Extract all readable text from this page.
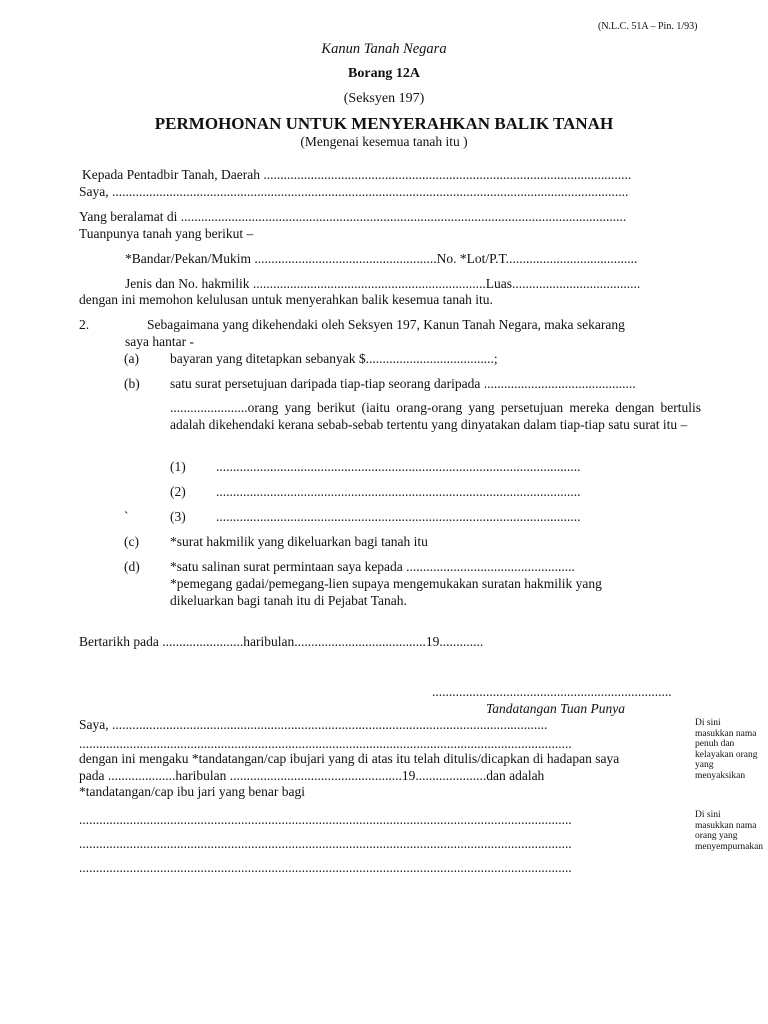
(N.L.C. 51A – Pin. 1/93)
Kanun Tanah Negara
Borang 12A
(Seksyen 197)
PERMOHONAN UNTUK MENYERAHKAN BALIK TANAH
(Mengenai kesemua tanah itu )
Kepada Pentadbir Tanah, Daerah .............................................................................................................
Saya, .........................................................................................................................................................
Yang beralamat di ....................................................................................................................................
Tuanpunya tanah yang berikut –
*Bandar/Pekan/Mukim ......................................................No. *Lot/P.T.......................................
Jenis dan No. hakmilik .....................................................................Luas......................................
dengan ini memohon kelulusan untuk menyerahkan balik kesemua tanah itu.
2.	Sebagaimana yang dikehendaki oleh Seksyen 197, Kanun Tanah Negara, maka sekarang
saya hantar -
(a) bayaran yang ditetapkan sebanyak $......................................;
(b) satu surat persetujuan daripada tiap-tiap seorang daripada .............................................
.......................orang yang berikut (iaitu orang-orang yang persetujuan mereka dengan bertulis adalah dikehendaki kerana sebab-sebab tertentu yang dinyatakan dalam tiap-tiap satu surat itu –
(1) ............................................................................................................
(2) ............................................................................................................
`	(3) ............................................................................................................
(c) *surat hakmilik yang dikeluarkan bagi tanah itu
(d) *satu salinan surat permintaan saya kepada ..................................................
*pemegang gadai/pemegang-lien supaya mengemukakan suratan hakmilik yang
dikeluarkan bagi tanah itu di Pejabat Tanah.
Bertarikh pada ........................haribulan.......................................19.............
.......................................................................
Tandatangan Tuan Punya
Saya, .................................................................................................................................
..................................................................................................................................................
dengan ini mengaku *tandatangan/cap ibujari yang di atas itu telah ditulis/dicapkan di hadapan saya
pada ....................haribulan ...................................................19.....................dan adalah
*tandatangan/cap ibu jari yang benar bagi
..................................................................................................................................................
..................................................................................................................................................
..................................................................................................................................................
Di sini masukkan nama penuh dan kelayakan orang yang menyaksikan
Di sini masukkan nama orang yang menyempurnakan
